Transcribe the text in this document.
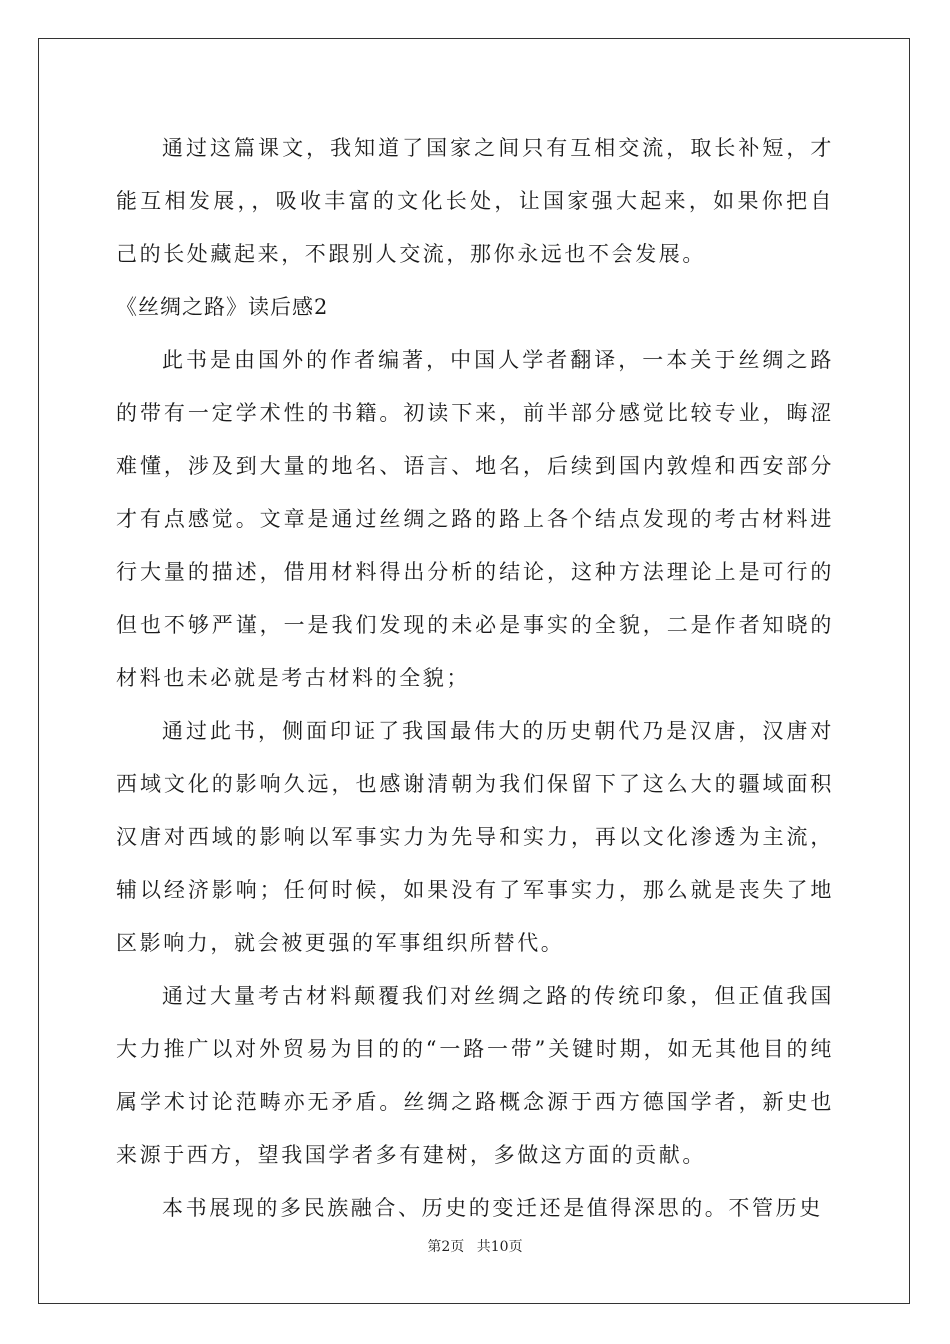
通过这篇课文，我知道了国家之间只有互相交流，取长补短，才能互相发展，，吸收丰富的文化长处，让国家强大起来，如果你把自己的长处藏起来，不跟别人交流，那你永远也不会发展。

《丝绸之路》读后感2

此书是由国外的作者编著，中国人学者翻译，一本关于丝绸之路的带有一定学术性的书籍。初读下来，前半部分感觉比较专业，晦涩难懂，涉及到大量的地名、语言、地名，后续到国内敦煌和西安部分才有点感觉。文章是通过丝绸之路的路上各个结点发现的考古材料进行大量的描述，借用材料得出分析的结论，这种方法理论上是可行的但也不够严谨，一是我们发现的未必是事实的全貌，二是作者知晓的材料也未必就是考古材料的全貌；

通过此书，侧面印证了我国最伟大的历史朝代乃是汉唐，汉唐对西域文化的影响久远，也感谢清朝为我们保留下了这么大的疆域面积汉唐对西域的影响以军事实力为先导和实力，再以文化渗透为主流，辅以经济影响；任何时候，如果没有了军事实力，那么就是丧失了地区影响力，就会被更强的军事组织所替代。

通过大量考古材料颠覆我们对丝绸之路的传统印象，但正值我国大力推广以对外贸易为目的的“一路一带”关键时期，如无其他目的纯属学术讨论范畴亦无矛盾。丝绸之路概念源于西方德国学者，新史也来源于西方，望我国学者多有建树，多做这方面的贡献。

本书展现的多民族融合、历史的变迁还是值得深思的。不管历史

第2页 共10页
